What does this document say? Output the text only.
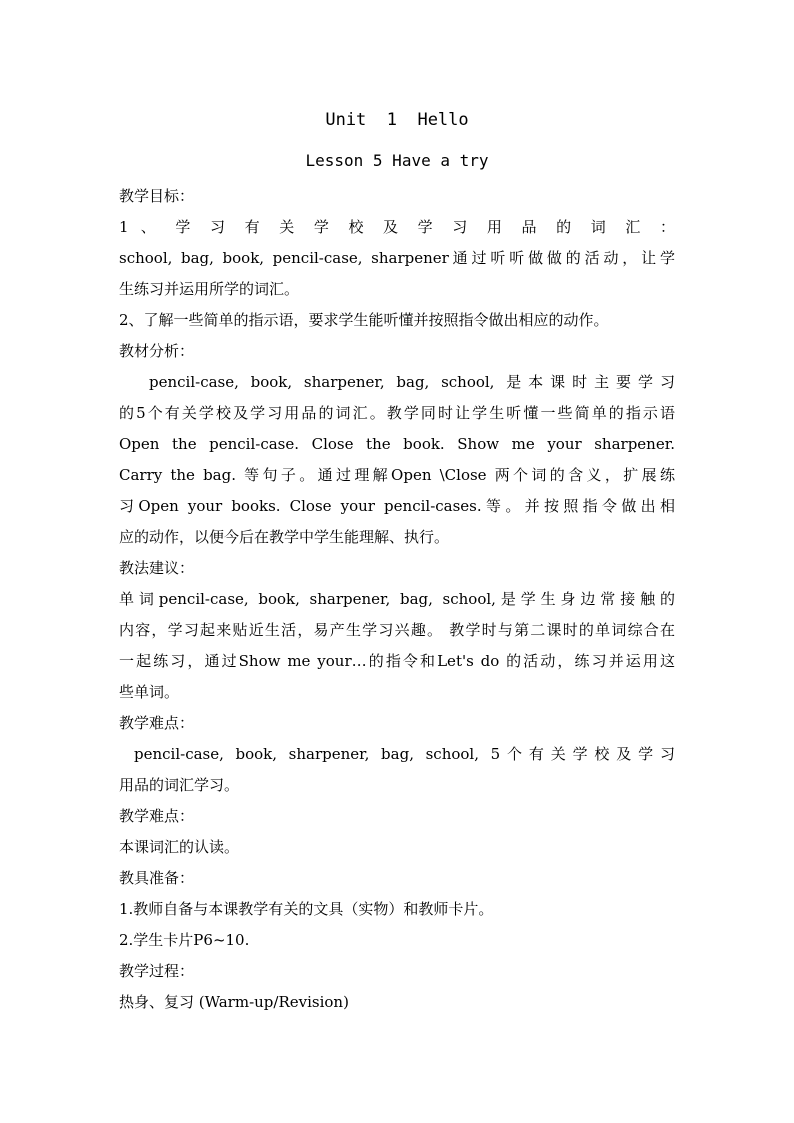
Unit  1  Hello
Lesson 5 Have a try
教学目标：
1 、 学 习 有 关 学 校 及 学 习 用 品 的 词 汇 ：
school, bag, book, pencil-case, sharpener通过听听做做的活动，让学
生练习并运用所学的词汇。
2、了解一些简单的指示语，要求学生能听懂并按照指令做出相应的动作。
教材分析：
pencil-case, book, sharpener, bag, school, 是本课时主要学习
的5个有关学校及学习用品的词汇。教学同时让学生听懂一些简单的指示语
Open the pencil-case. Close the book. Show me your sharpener.
Carry the bag. 等句子。通过理解Open \Close 两个词的含义，扩展练
习Open your books. Close your pencil-cases.等。并按照指令做出相
应的动作，以便今后在教学中学生能理解、执行。
教法建议：
单词pencil-case, book, sharpener, bag, school,是学生身边常接触的
内容，学习起来贴近生活，易产生学习兴趣。 教学时与第二课时的单词综合在
一起练习，通过Show me your…的指令和Let's do 的活动，练习并运用这
些单词。
教学难点：
pencil-case, book, sharpener, bag, school, 5个有关学校及学习
用品的词汇学习。
教学难点：
本课词汇的认读。
教具准备：
1.教师自备与本课教学有关的文具（实物）和教师卡片。
2.学生卡片P6~10.
教学过程：
热身、复习 (Warm-up/Revision)
